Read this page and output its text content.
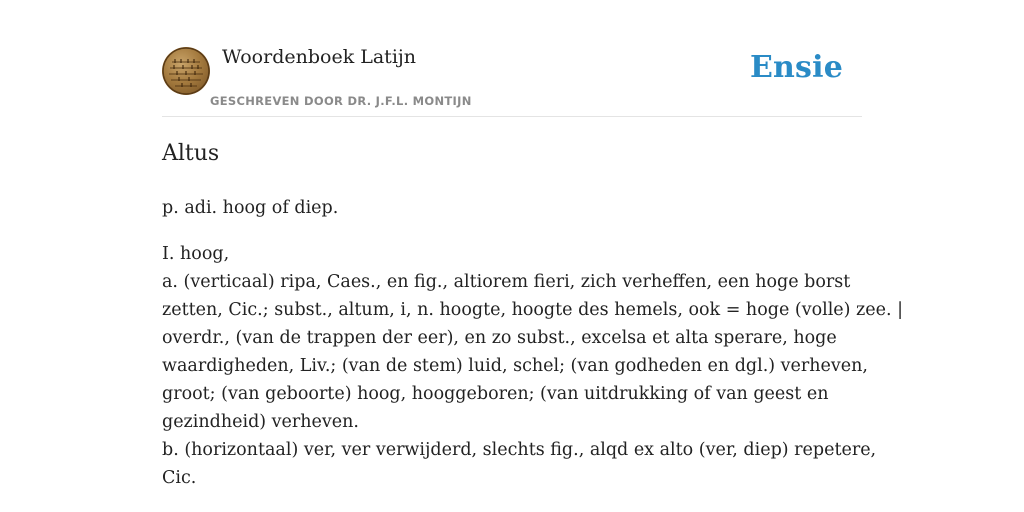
Woordenboek Latijn
GESCHREVEN DOOR DR. J.F.L. MONTIJN
Ensie
Altus

p. adi. hoog of diep.

I. hoog,
a. (verticaal) ripa, Caes., en fig., altiorem fieri, zich verheffen, een hoge borst
zetten, Cic.; subst., altum, i, n. hoogte, hoogte des hemels, ook = hoge (volle) zee. |
overdr., (van de trappen der eer), en zo subst., excelsa et alta sperare, hoge
waardigheden, Liv.; (van de stem) luid, schel; (van godheden en dgl.) verheven,
groot; (van geboorte) hoog, hooggeboren; (van uitdrukking of van geest en
gezindheid) verheven.
b. (horizontaal) ver, ver verwijderd, slechts fig., alqd ex alto (ver, diep) repetere,
Cic.
